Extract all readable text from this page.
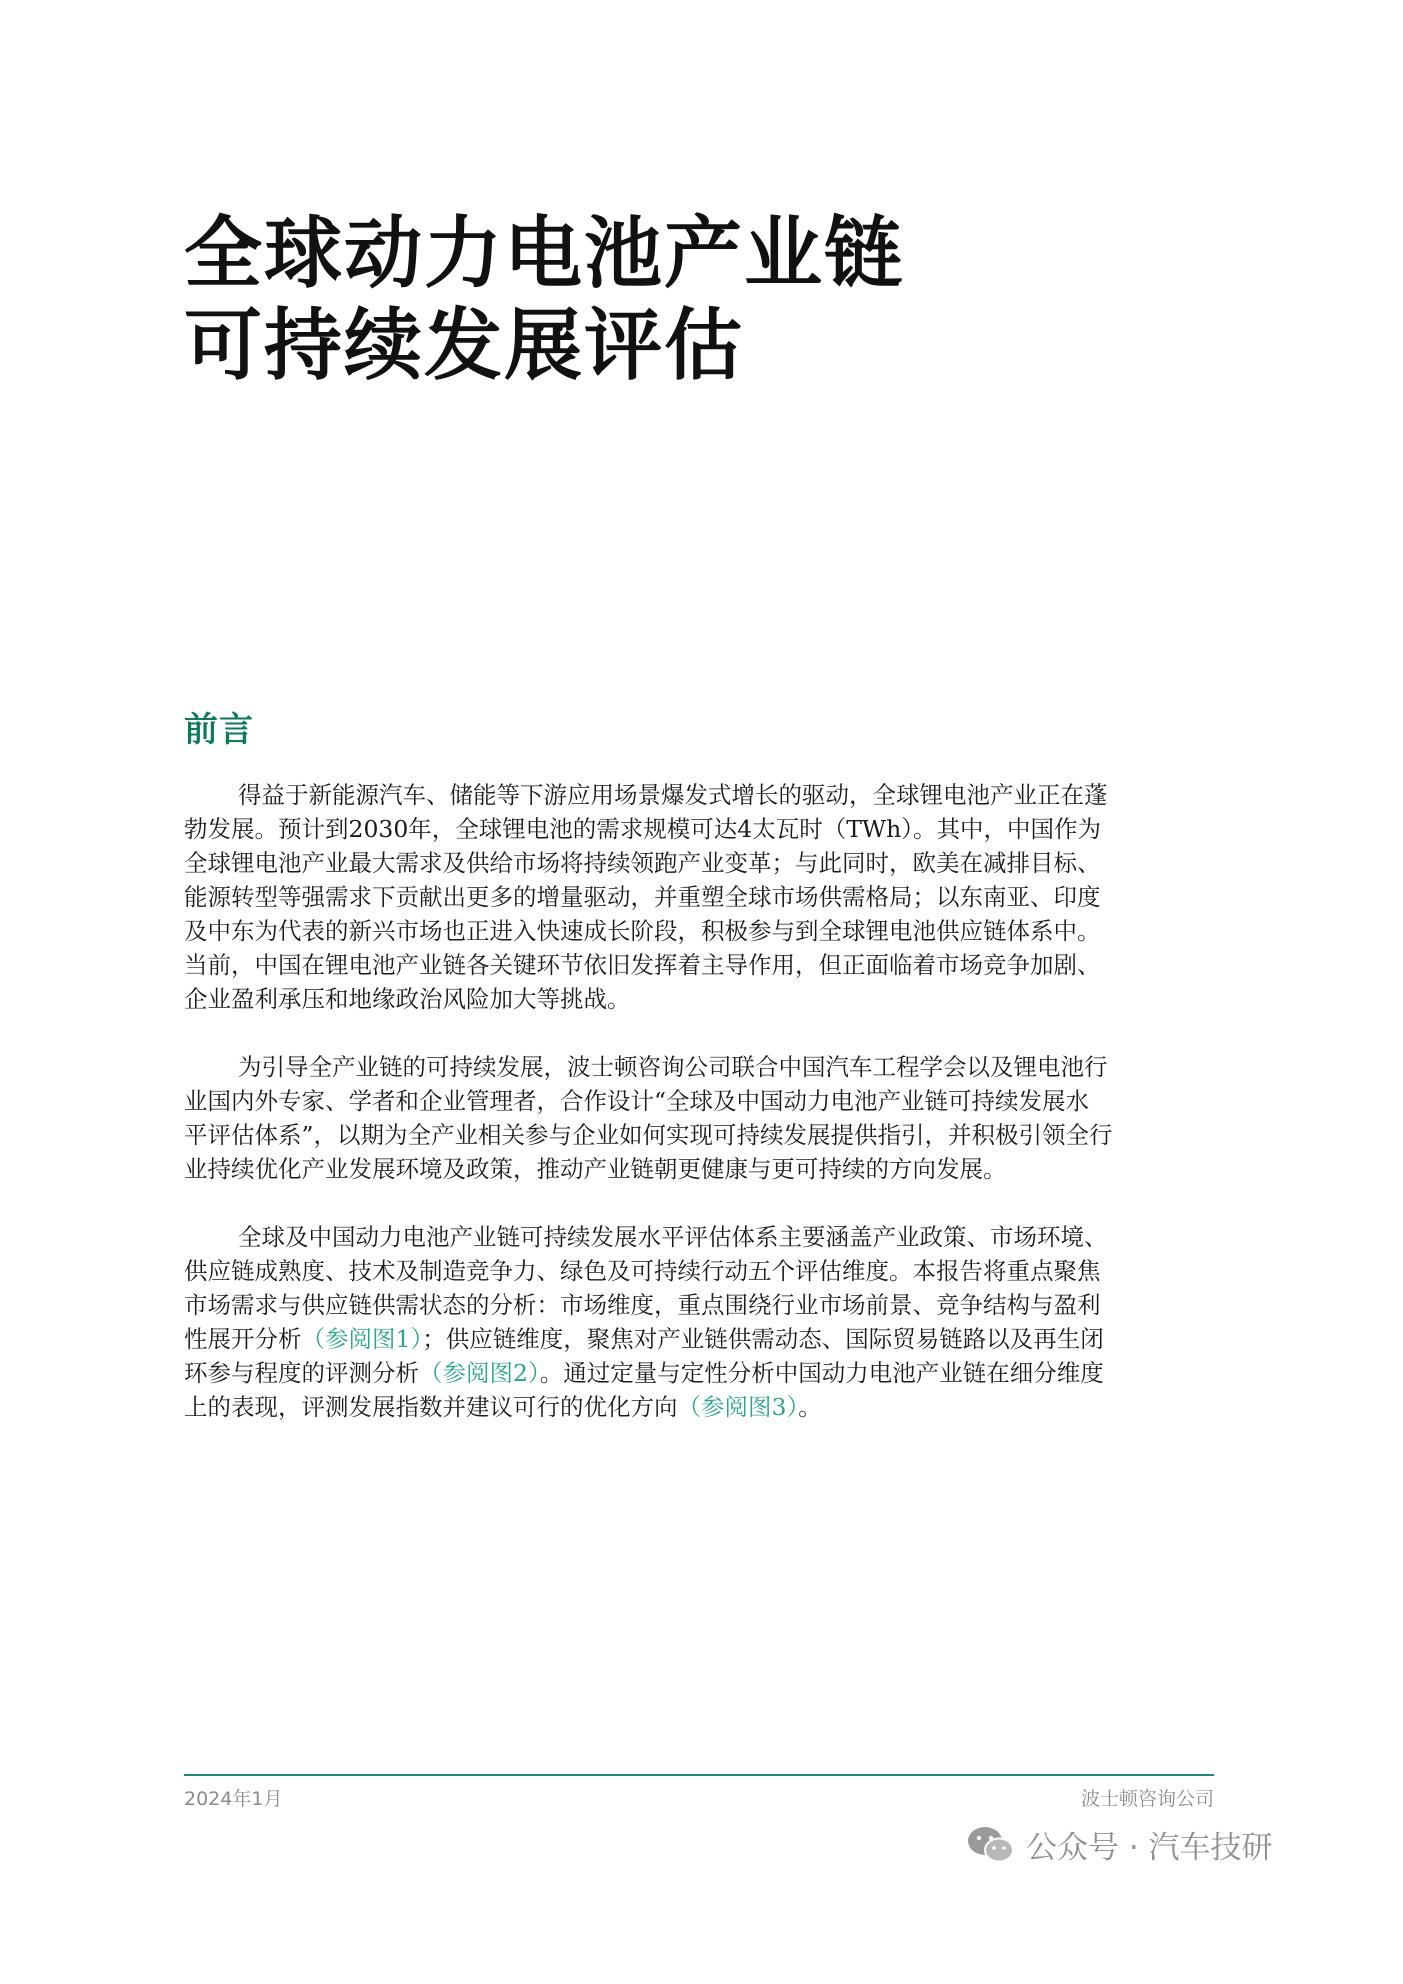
全球动力电池产业链
可持续发展评估
前言

得益于新能源汽车、储能等下游应用场景爆发式增长的驱动，全球锂电池产业正在蓬
勃发展。预计到2030年，全球锂电池的需求规模可达4太瓦时（TWh）。其中，中国作为
全球锂电池产业最大需求及供给市场将持续领跑产业变革；与此同时，欧美在减排目标、
能源转型等强需求下贡献出更多的增量驱动，并重塑全球市场供需格局；以东南亚、印度
及中东为代表的新兴市场也正进入快速成长阶段，积极参与到全球锂电池供应链体系中。
当前，中国在锂电池产业链各关键环节依旧发挥着主导作用，但正面临着市场竞争加剧、
企业盈利承压和地缘政治风险加大等挑战。

为引导全产业链的可持续发展，波士顿咨询公司联合中国汽车工程学会以及锂电池行
业国内外专家、学者和企业管理者，合作设计“全球及中国动力电池产业链可持续发展水
平评估体系”，以期为全产业相关参与企业如何实现可持续发展提供指引，并积极引领全行
业持续优化产业发展环境及政策，推动产业链朝更健康与更可持续的方向发展。

全球及中国动力电池产业链可持续发展水平评估体系主要涵盖产业政策、市场环境、
供应链成熟度、技术及制造竞争力、绿色及可持续行动五个评估维度。本报告将重点聚焦
市场需求与供应链供需状态的分析：市场维度，重点围绕行业市场前景、竞争结构与盈利
性展开分析（参阅图1）；供应链维度，聚焦对产业链供需动态、国际贸易链路以及再生闭
环参与程度的评测分析（参阅图2）。通过定量与定性分析中国动力电池产业链在细分维度
上的表现，评测发展指数并建议可行的优化方向（参阅图3）。

2024年1月	波士顿咨询公司
公众号 · 汽车技研
